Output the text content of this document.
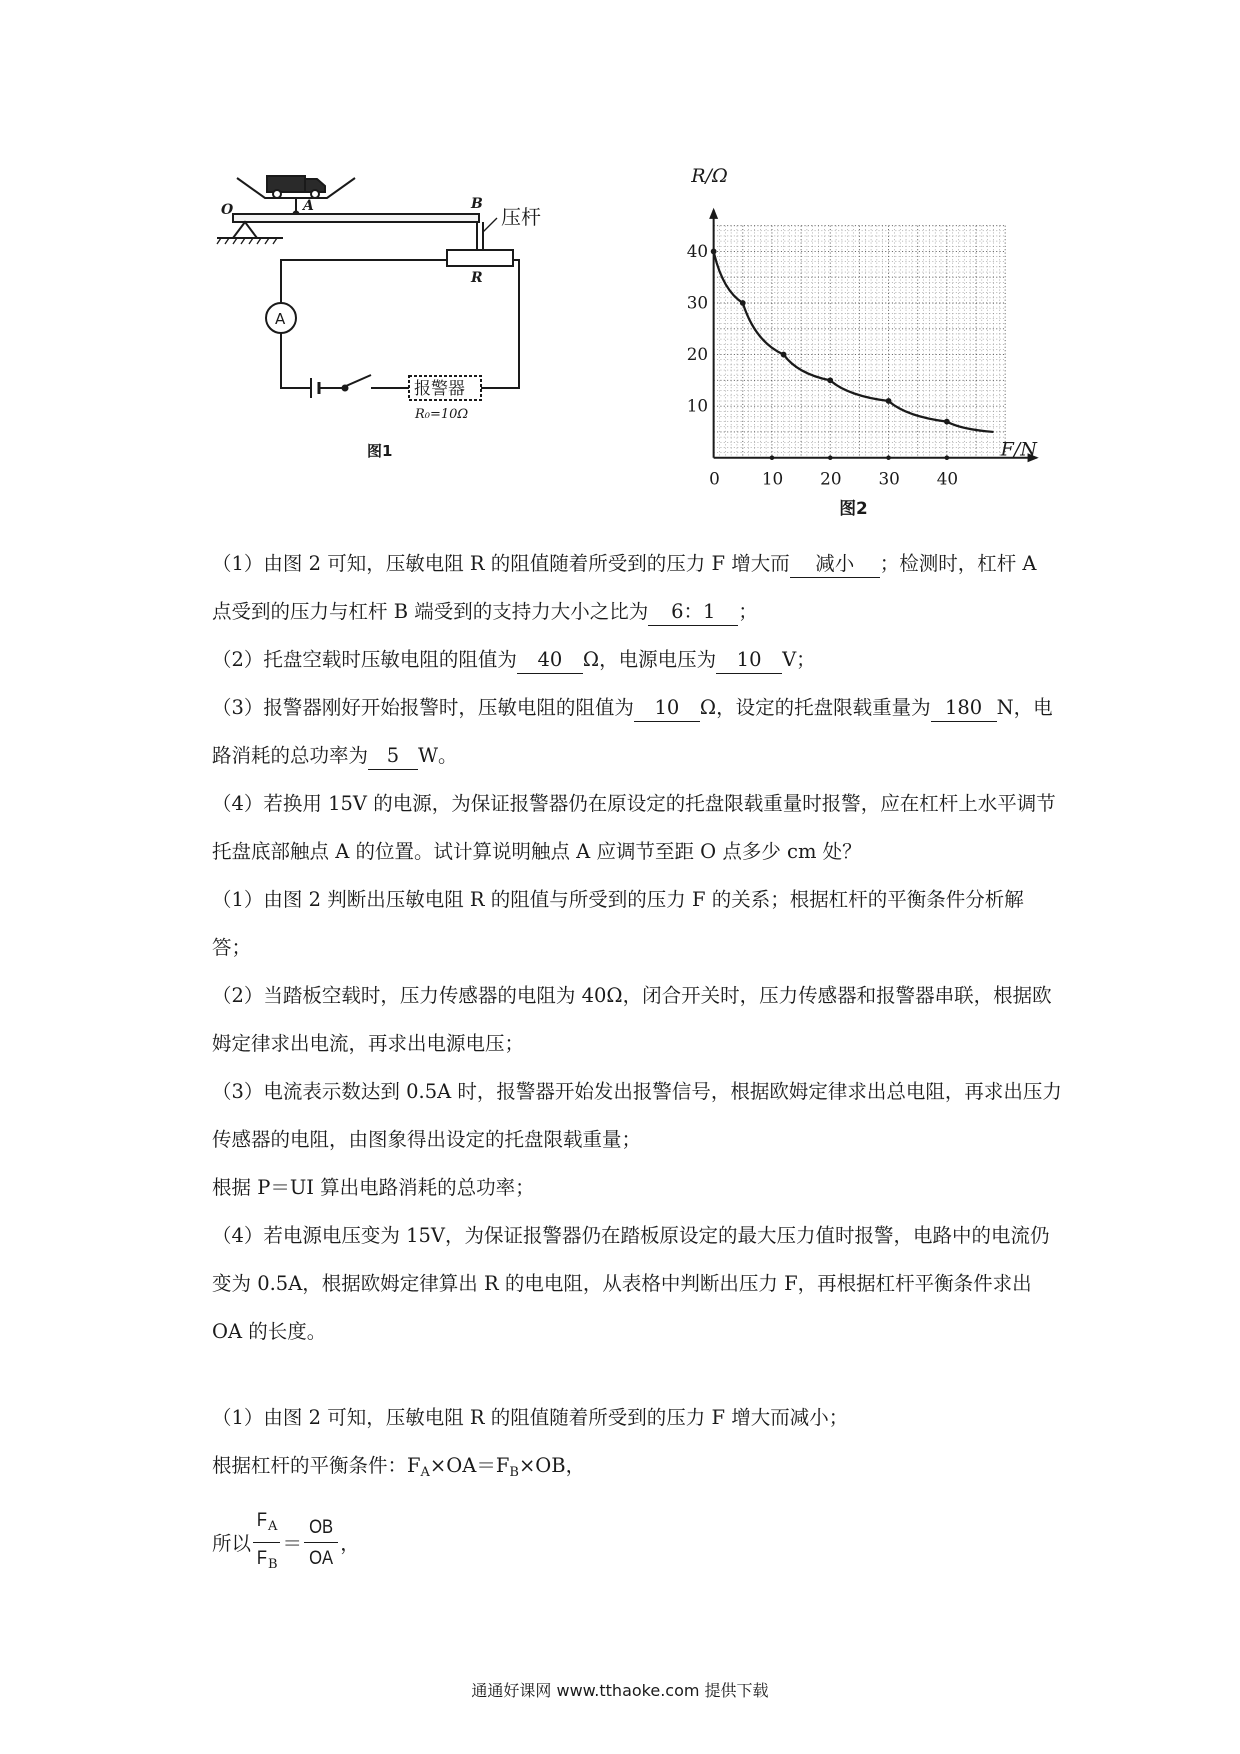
O	A	B
R
压杆
A
报警器
R₀=10Ω
图1
0	10 20 30 40
10
20
30
40
R/Ω
F/N
图2

（1）由图 2 可知，压敏电阻 R 的阻值随着所受到的压力 F 增大而 减小 ；检测时，杠杆 A 点受到的压力与杠杆 B 端受到的支持力大小之比为 6：1 ；

（2）托盘空载时压敏电阻的阻值为 40 Ω，电源电压为 10 V；

（3）报警器刚好开始报警时，压敏电阻的阻值为 10 Ω，设定的托盘限载重量为 180 N，电路消耗的总功率为 5 W。

（4）若换用 15V 的电源，为保证报警器仍在原设定的托盘限载重量时报警，应在杠杆上水平调节托盘底部触点 A 的位置。试计算说明触点 A 应调节至距 O 点多少 cm 处？

（1）由图 2 判断出压敏电阻 R 的阻值与所受到的压力 F 的关系；根据杠杆的平衡条件分析解答；

（2）当踏板空载时，压力传感器的电阻为 40Ω，闭合开关时，压力传感器和报警器串联，根据欧姆定律求出电流，再求出电源电压；

（3）电流表示数达到 0.5A 时，报警器开始发出报警信号，根据欧姆定律求出总电阻，再求出压力传感器的电阻，由图象得出设定的托盘限载重量；

根据 P＝UI 算出电路消耗的总功率；

（4）若电源电压变为 15V，为保证报警器仍在踏板原设定的最大压力值时报警，电路中的电流仍变为 0.5A，根据欧姆定律算出 R 的电电阻，从表格中判断出压力 F，再根据杠杆平衡条件求出 OA 的长度。

（1）由图 2 可知，压敏电阻 R 的阻值随着所受到的压力 F 增大而减小；

根据杠杆的平衡条件：$F_A\times OA=F_B\times OB$，

所以 $\frac{F_A}{F_B} = \frac{OB}{OA}$ ，
通通好课网 www.tthaoke.com 提供下载
